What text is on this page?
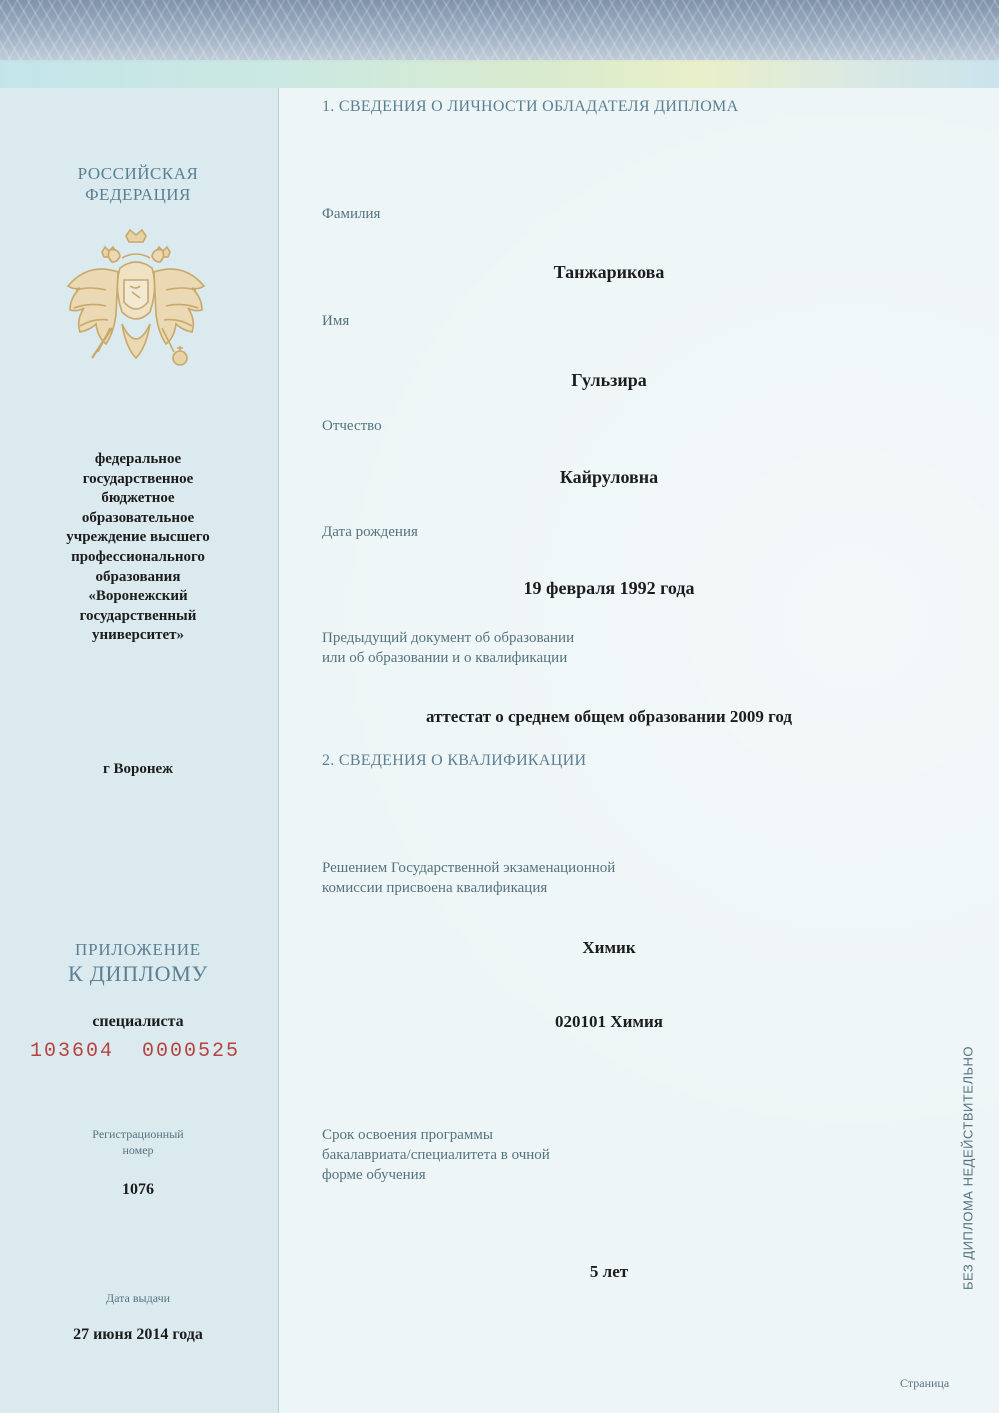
РОССИЙСКАЯ
ФЕДЕРАЦИЯ
федеральное
государственное
бюджетное
образовательное
учреждение высшего
профессионального
образования
«Воронежский
государственный
университет»
г Воронеж
ПРИЛОЖЕНИЕ
К ДИПЛОМУ
специалиста
103604  0000525
Регистрационный
номер
1076
Дата выдачи
27 июня 2014 года
1. СВЕДЕНИЯ О ЛИЧНОСТИ ОБЛАДАТЕЛЯ ДИПЛОМА
Фамилия
Танжарикова
Имя
Гульзира
Отчество
Кайруловна
Дата рождения
19 февраля 1992 года
Предыдущий документ об образовании
или об образовании и о квалификации
аттестат о среднем общем образовании 2009 год
2. СВЕДЕНИЯ О КВАЛИФИКАЦИИ
Решением Государственной экзаменационной
комиссии присвоена квалификация
Химик
020101 Химия
Срок освоения программы
бакалавриата/специалитета в очной
форме обучения
5 лет
Страница
БЕЗ ДИПЛОМА НЕДЕЙСТВИТЕЛЬНО
